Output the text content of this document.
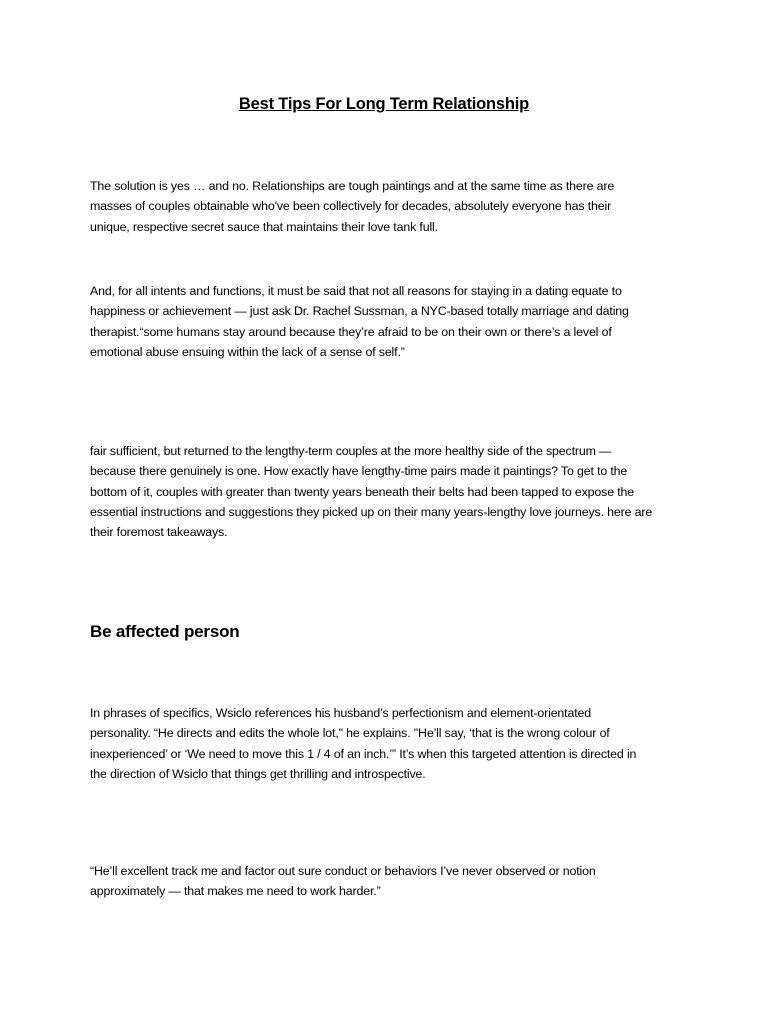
Best Tips For Long Term Relationship
The solution is yes … and no. Relationships are tough paintings and at the same time as there are
masses of couples obtainable who've been collectively for decades, absolutely everyone has their
unique, respective secret sauce that maintains their love tank full.
And, for all intents and functions, it must be said that not all reasons for staying in a dating equate to
happiness or achievement — just ask Dr. Rachel Sussman, a NYC-based totally marriage and dating
therapist.“some humans stay around because they’re afraid to be on their own or there’s a level of
emotional abuse ensuing within the lack of a sense of self.”
fair sufficient, but returned to the lengthy-term couples at the more healthy side of the spectrum —
because there genuinely is one. How exactly have lengthy-time pairs made it paintings? To get to the
bottom of it, couples with greater than twenty years beneath their belts had been tapped to expose the
essential instructions and suggestions they picked up on their many years-lengthy love journeys. here are
their foremost takeaways.
Be affected person
In phrases of specifics, Wsiclo references his husband’s perfectionism and element-orientated
personality. “He directs and edits the whole lot," he explains. "He’ll say, ‘that is the wrong colour of
inexperienced’ or ‘We need to move this 1 / 4 of an inch.’” It’s when this targeted attention is directed in
the direction of Wsiclo that things get thrilling and introspective.
“He’ll excellent track me and factor out sure conduct or behaviors I’ve never observed or notion
approximately — that makes me need to work harder.”
